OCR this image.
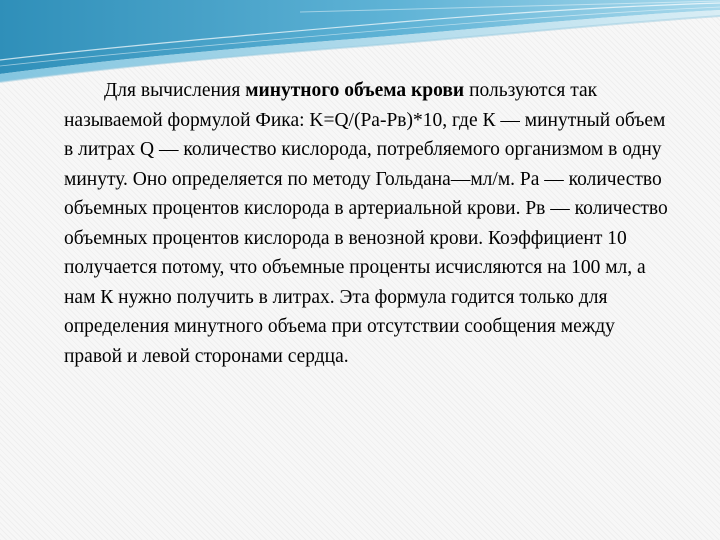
Для вычисления минутного объема крови пользуются так называемой формулой Фика: K=Q/(Ра-Рв)*10, где К — минутный объем в литрах Q — количество кислорода, потребляемого организмом в одну минуту. Оно определяется по методу Гольдана—мл/м. Ра — количество объемных процентов кислорода в артериальной крови. Рв — количество объемных процентов кислорода в венозной крови. Коэффициент 10 получается потому, что объемные проценты исчисляются на 100 мл, а нам К нужно получить в литрах. Эта формула годится только для определения минутного объема при отсутствии сообщения между правой и левой сторонами сердца.
